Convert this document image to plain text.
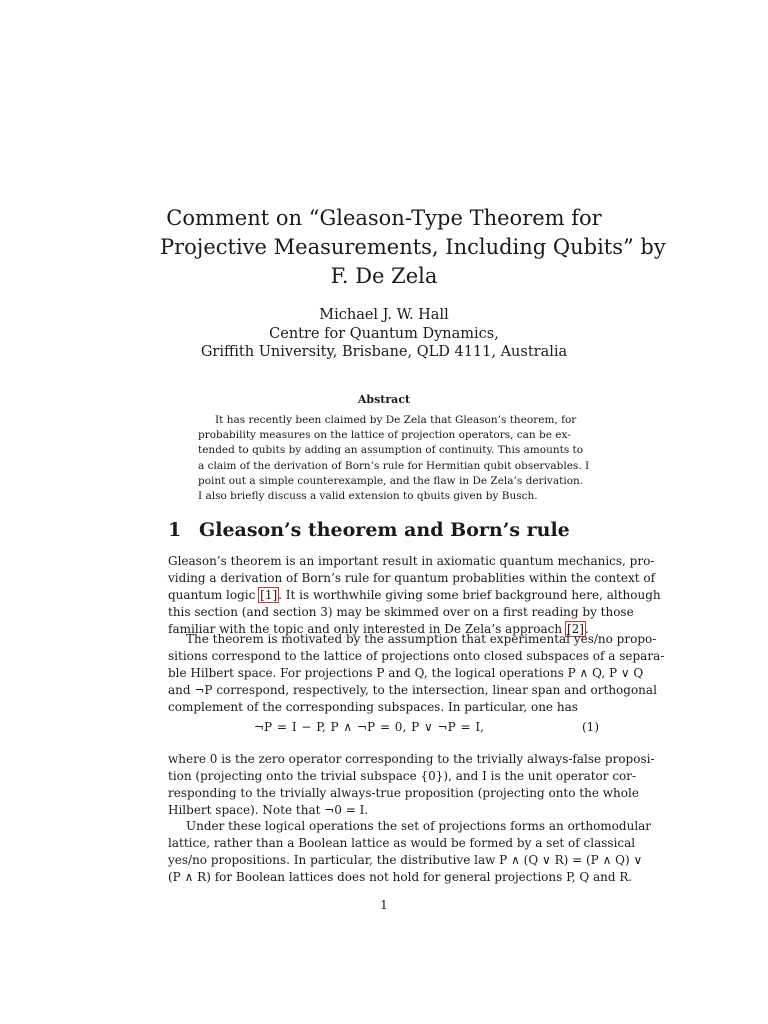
Comment on “Gleason-Type Theorem for
Projective Measurements, Including Qubits” by
F. De Zela
Michael J. W. Hall
Centre for Quantum Dynamics,
Griffith University, Brisbane, QLD 4111, Australia
Abstract
It has recently been claimed by De Zela that Gleason’s theorem, for
probability measures on the lattice of projection operators, can be ex-
tended to qubits by adding an assumption of continuity. This amounts to
a claim of the derivation of Born’s rule for Hermitian qubit observables. I
point out a simple counterexample, and the flaw in De Zela’s derivation.
I also briefly discuss a valid extension to qbuits given by Busch.
1 Gleason’s theorem and Born’s rule
Gleason’s theorem is an important result in axiomatic quantum mechanics, pro-
viding a derivation of Born’s rule for quantum probablities within the context of
quantum logic [1]. It is worthwhile giving some brief background here, although
this section (and section 3) may be skimmed over on a first reading by those
familiar with the topic and only interested in De Zela’s approach [2].
The theorem is motivated by the assumption that experimental yes/no propo-
sitions correspond to the lattice of projections onto closed subspaces of a separa-
ble Hilbert space. For projections P and Q, the logical operations P ∧ Q, P ∨ Q
and ¬P correspond, respectively, to the intersection, linear span and orthogonal
complement of the corresponding subspaces. In particular, one has
¬P = I − P, P ∧ ¬P = 0, P ∨ ¬P = I,	(1)
where 0 is the zero operator corresponding to the trivially always-false proposi-
tion (projecting onto the trivial subspace {0}), and I is the unit operator cor-
responding to the trivially always-true proposition (projecting onto the whole
Hilbert space). Note that ¬0 = I.
Under these logical operations the set of projections forms an orthomodular
lattice, rather than a Boolean lattice as would be formed by a set of classical
yes/no propositions. In particular, the distributive law P ∧ (Q ∨ R) = (P ∧ Q) ∨
(P ∧ R) for Boolean lattices does not hold for general projections P, Q and R.
1
